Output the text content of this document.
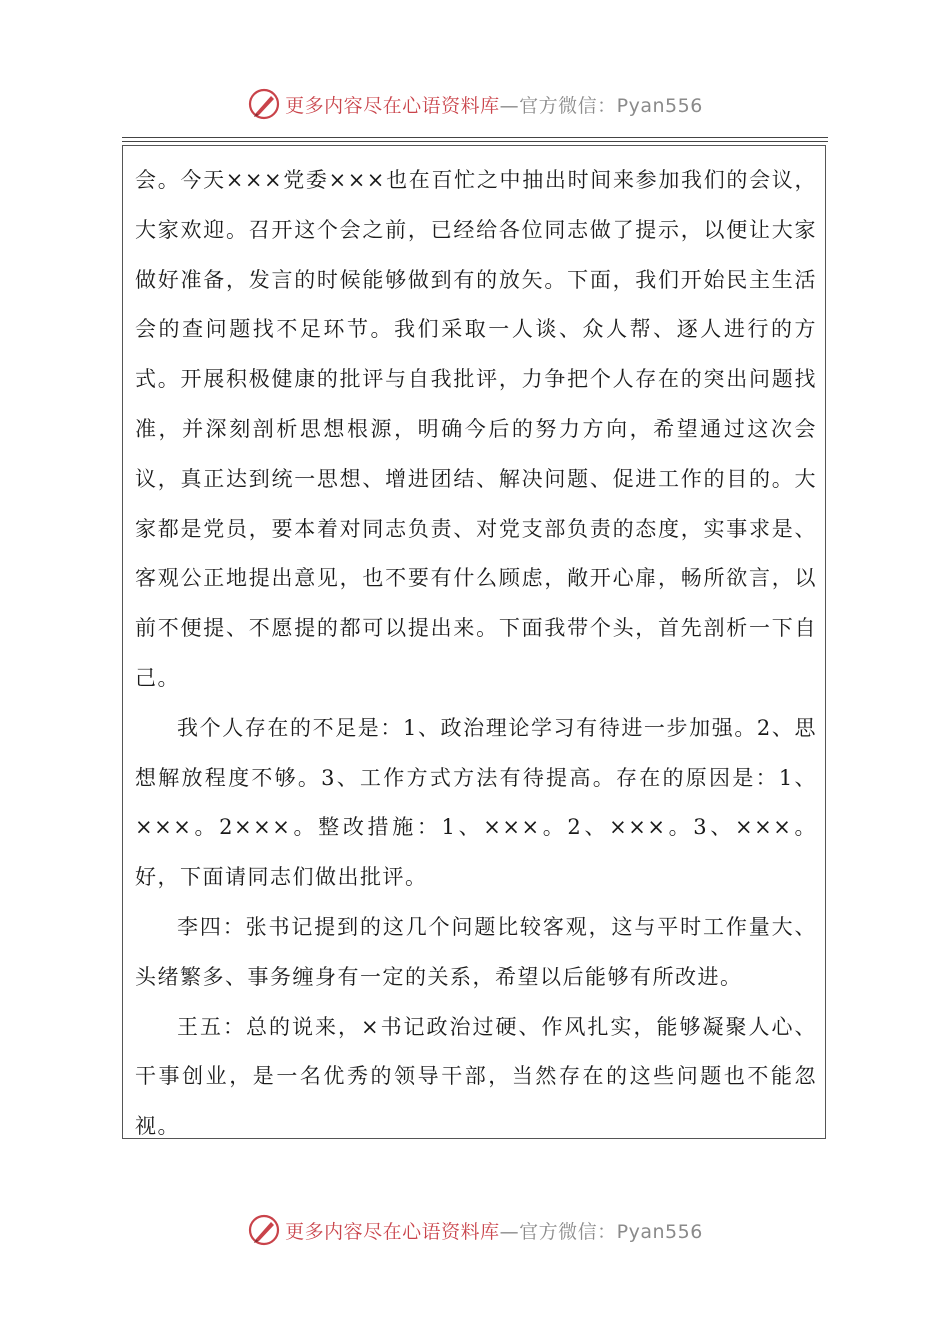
更多内容尽在心语资料库—官方微信：Pyan556

会。今天×××党委×××也在百忙之中抽出时间来参加我们的会议，大家欢迎。召开这个会之前，已经给各位同志做了提示，以便让大家做好准备，发言的时候能够做到有的放矢。下面，我们开始民主生活会的查问题找不足环节。我们采取一人谈、众人帮、逐人进行的方式。开展积极健康的批评与自我批评，力争把个人存在的突出问题找准，并深刻剖析思想根源，明确今后的努力方向，希望通过这次会议，真正达到统一思想、增进团结、解决问题、促进工作的目的。大家都是党员，要本着对同志负责、对党支部负责的态度，实事求是、客观公正地提出意见，也不要有什么顾虑，敞开心扉，畅所欲言，以前不便提、不愿提的都可以提出来。下面我带个头，首先剖析一下自己。

我个人存在的不足是：1、政治理论学习有待进一步加强。2、思想解放程度不够。3、工作方式方法有待提高。存在的原因是：1、×××。2×××。整改措施：1、×××。2、×××。3、×××。好，下面请同志们做出批评。

李四：张书记提到的这几个问题比较客观，这与平时工作量大、头绪繁多、事务缠身有一定的关系，希望以后能够有所改进。

王五：总的说来，×书记政治过硬、作风扎实，能够凝聚人心、干事创业，是一名优秀的领导干部，当然存在的这些问题也不能忽视。

更多内容尽在心语资料库—官方微信：Pyan556
